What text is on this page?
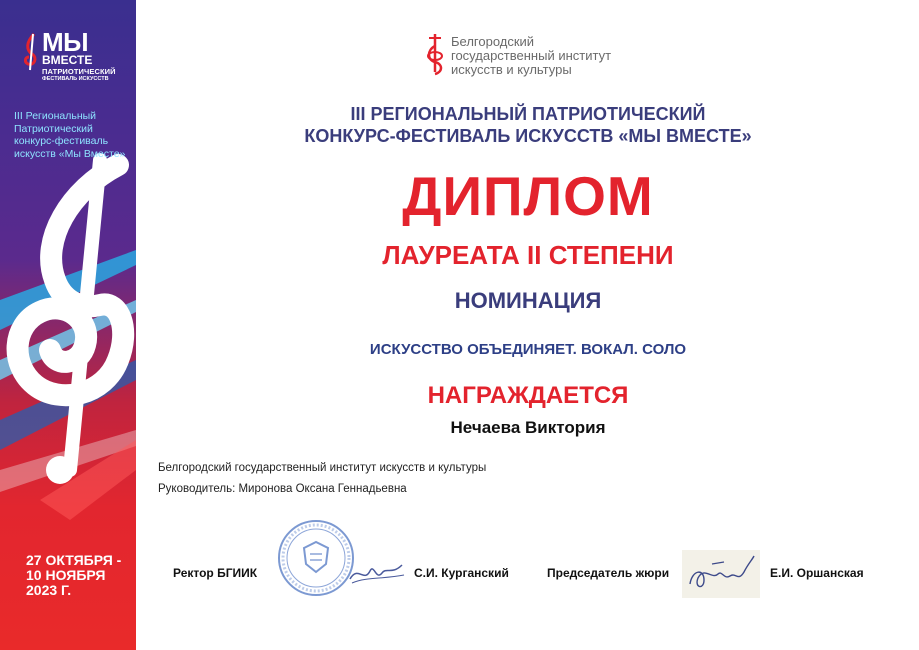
МЫ
ВМЕСТЕ
ПАТРИОТИЧЕСКИЙ
ФЕСТИВАЛЬ ИСКУССТВ
III Региональный Патриотический конкурс-фестиваль искусств «Мы Вместе»
27 ОКТЯБРЯ -
10 НОЯБРЯ
2023 Г.
Белгородский
государственный институт
искусств и культуры
III РЕГИОНАЛЬНЫЙ ПАТРИОТИЧЕСКИЙ
КОНКУРС-ФЕСТИВАЛЬ ИСКУССТВ «МЫ ВМЕСТЕ»
ДИПЛОМ
ЛАУРЕАТА II СТЕПЕНИ
НОМИНАЦИЯ
ИСКУССТВО ОБЪЕДИНЯЕТ. ВОКАЛ. СОЛО
НАГРАЖДАЕТСЯ
Нечаева Виктория
Белгородский государственный институт искусств и культуры
Руководитель: Миронова Оксана Геннадьевна
Ректор БГИИК	С.И. Курганский	Председатель жюри	Е.И. Оршанская
